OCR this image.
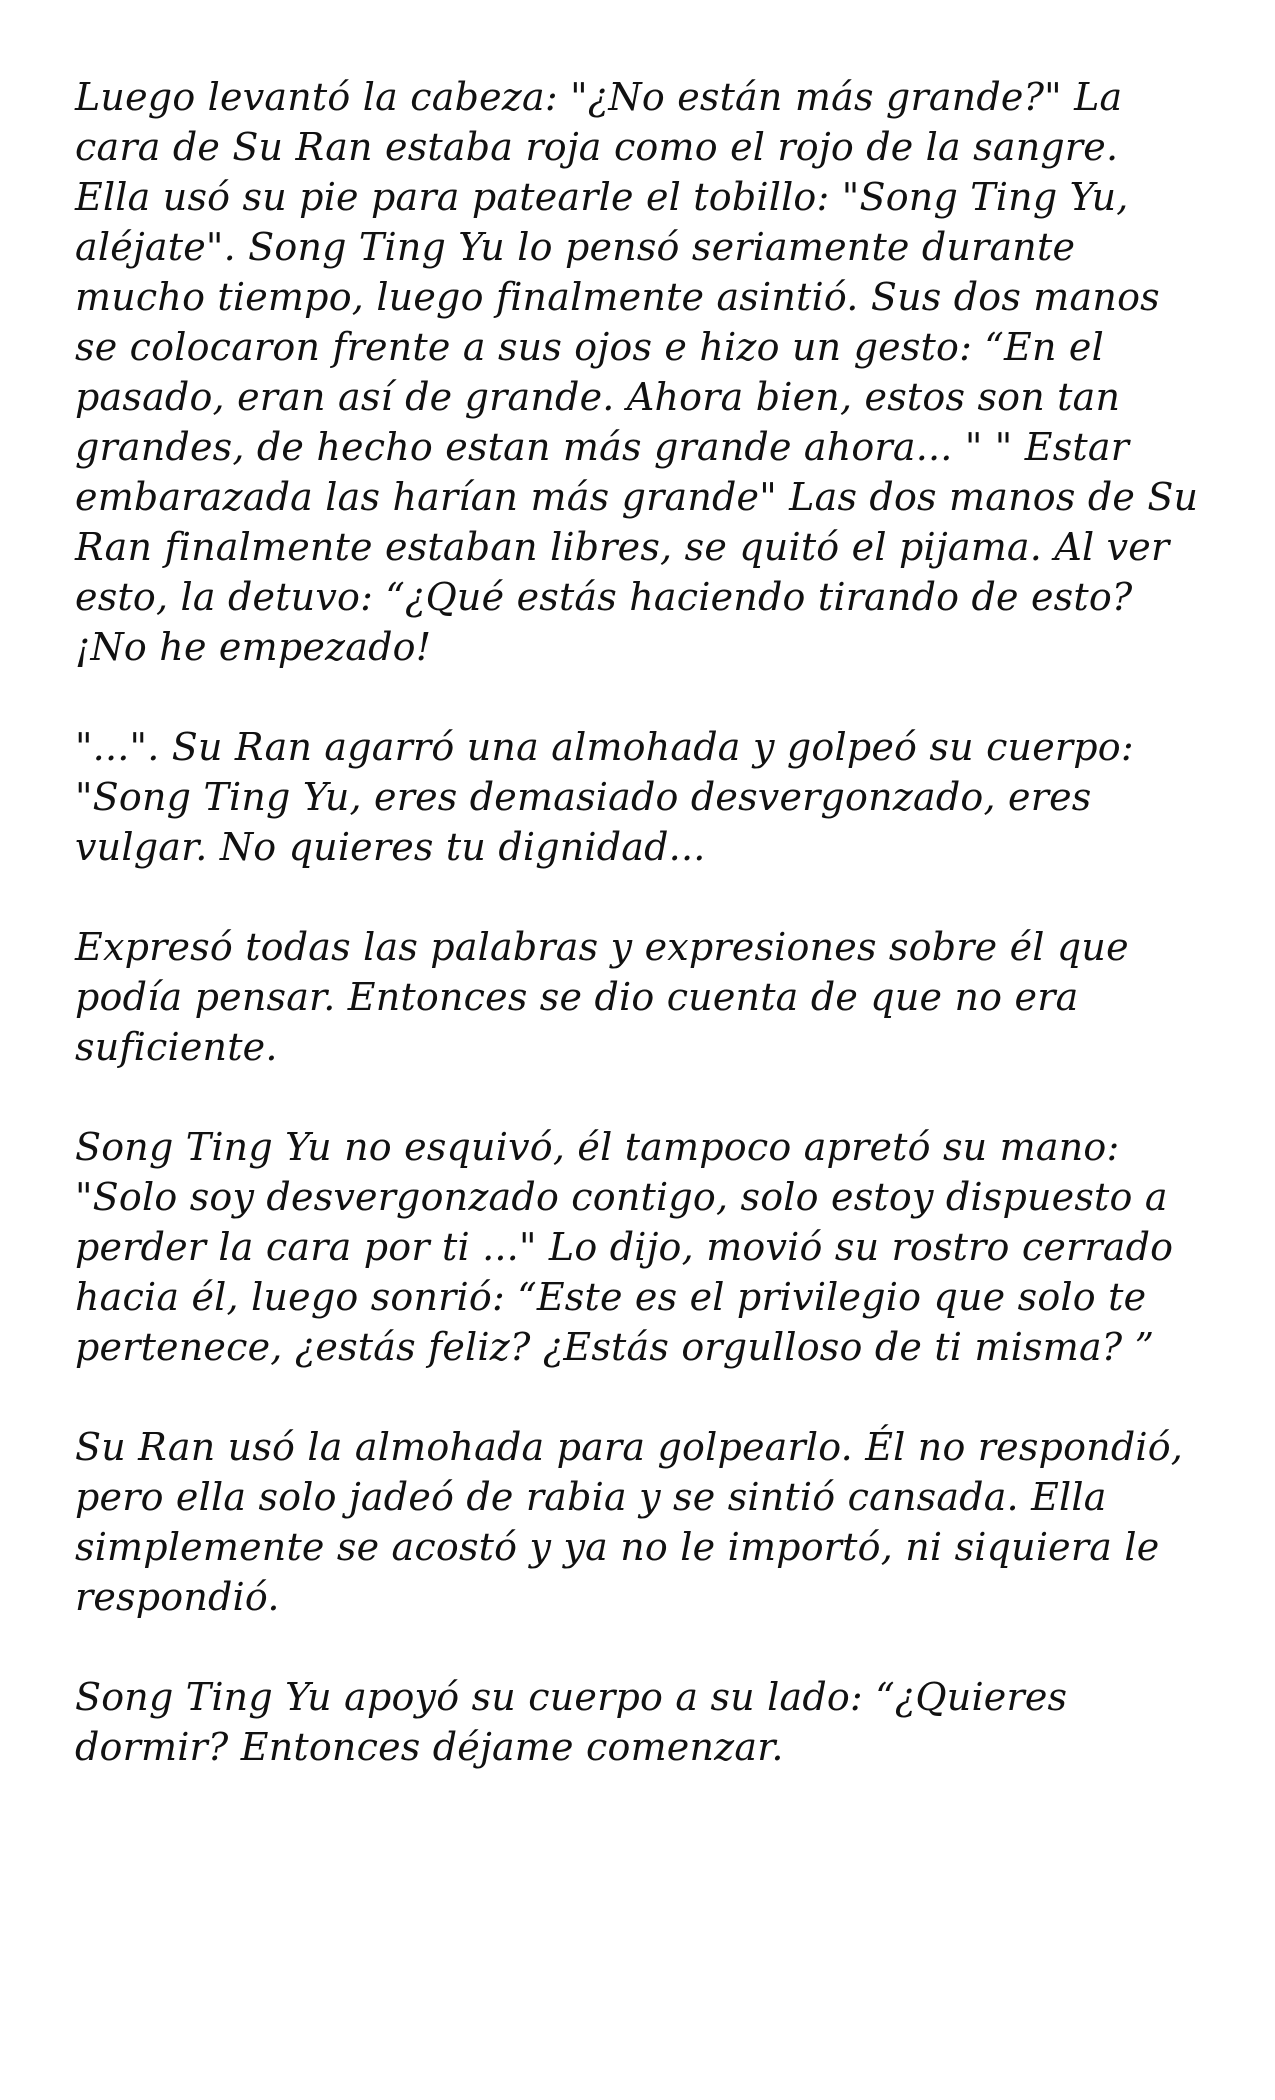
Luego levantó la cabeza: "¿No están más grande?" La cara de Su Ran estaba roja como el rojo de la sangre. Ella usó su pie para patearle el tobillo: "Song Ting Yu, aléjate". Song Ting Yu lo pensó seriamente durante mucho tiempo, luego finalmente asintió. Sus dos manos se colocaron frente a sus ojos e hizo un gesto: “En el pasado, eran así de grande. Ahora bien, estos son tan grandes, de hecho estan más grande ahora... " " Estar embarazada las harían más grande" Las dos manos de Su Ran finalmente estaban libres, se quitó el pijama. Al ver esto, la detuvo: “¿Qué estás haciendo tirando de esto? ¡No he empezado!

"...". Su Ran agarró una almohada y golpeó su cuerpo: "Song Ting Yu, eres demasiado desvergonzado, eres vulgar. No quieres tu dignidad...

Expresó todas las palabras y expresiones sobre él que podía pensar. Entonces se dio cuenta de que no era suficiente.

Song Ting Yu no esquivó, él tampoco apretó su mano: "Solo soy desvergonzado contigo, solo estoy dispuesto a perder la cara por ti ..." Lo dijo, movió su rostro cerrado hacia él, luego sonrió: “Este es el privilegio que solo te pertenece, ¿estás feliz? ¿Estás orgulloso de ti misma? ”

Su Ran usó la almohada para golpearlo. Él no respondió, pero ella solo jadeó de rabia y se sintió cansada. Ella simplemente se acostó y ya no le importó, ni siquiera le respondió.

Song Ting Yu apoyó su cuerpo a su lado: “¿Quieres dormir? Entonces déjame comenzar.
